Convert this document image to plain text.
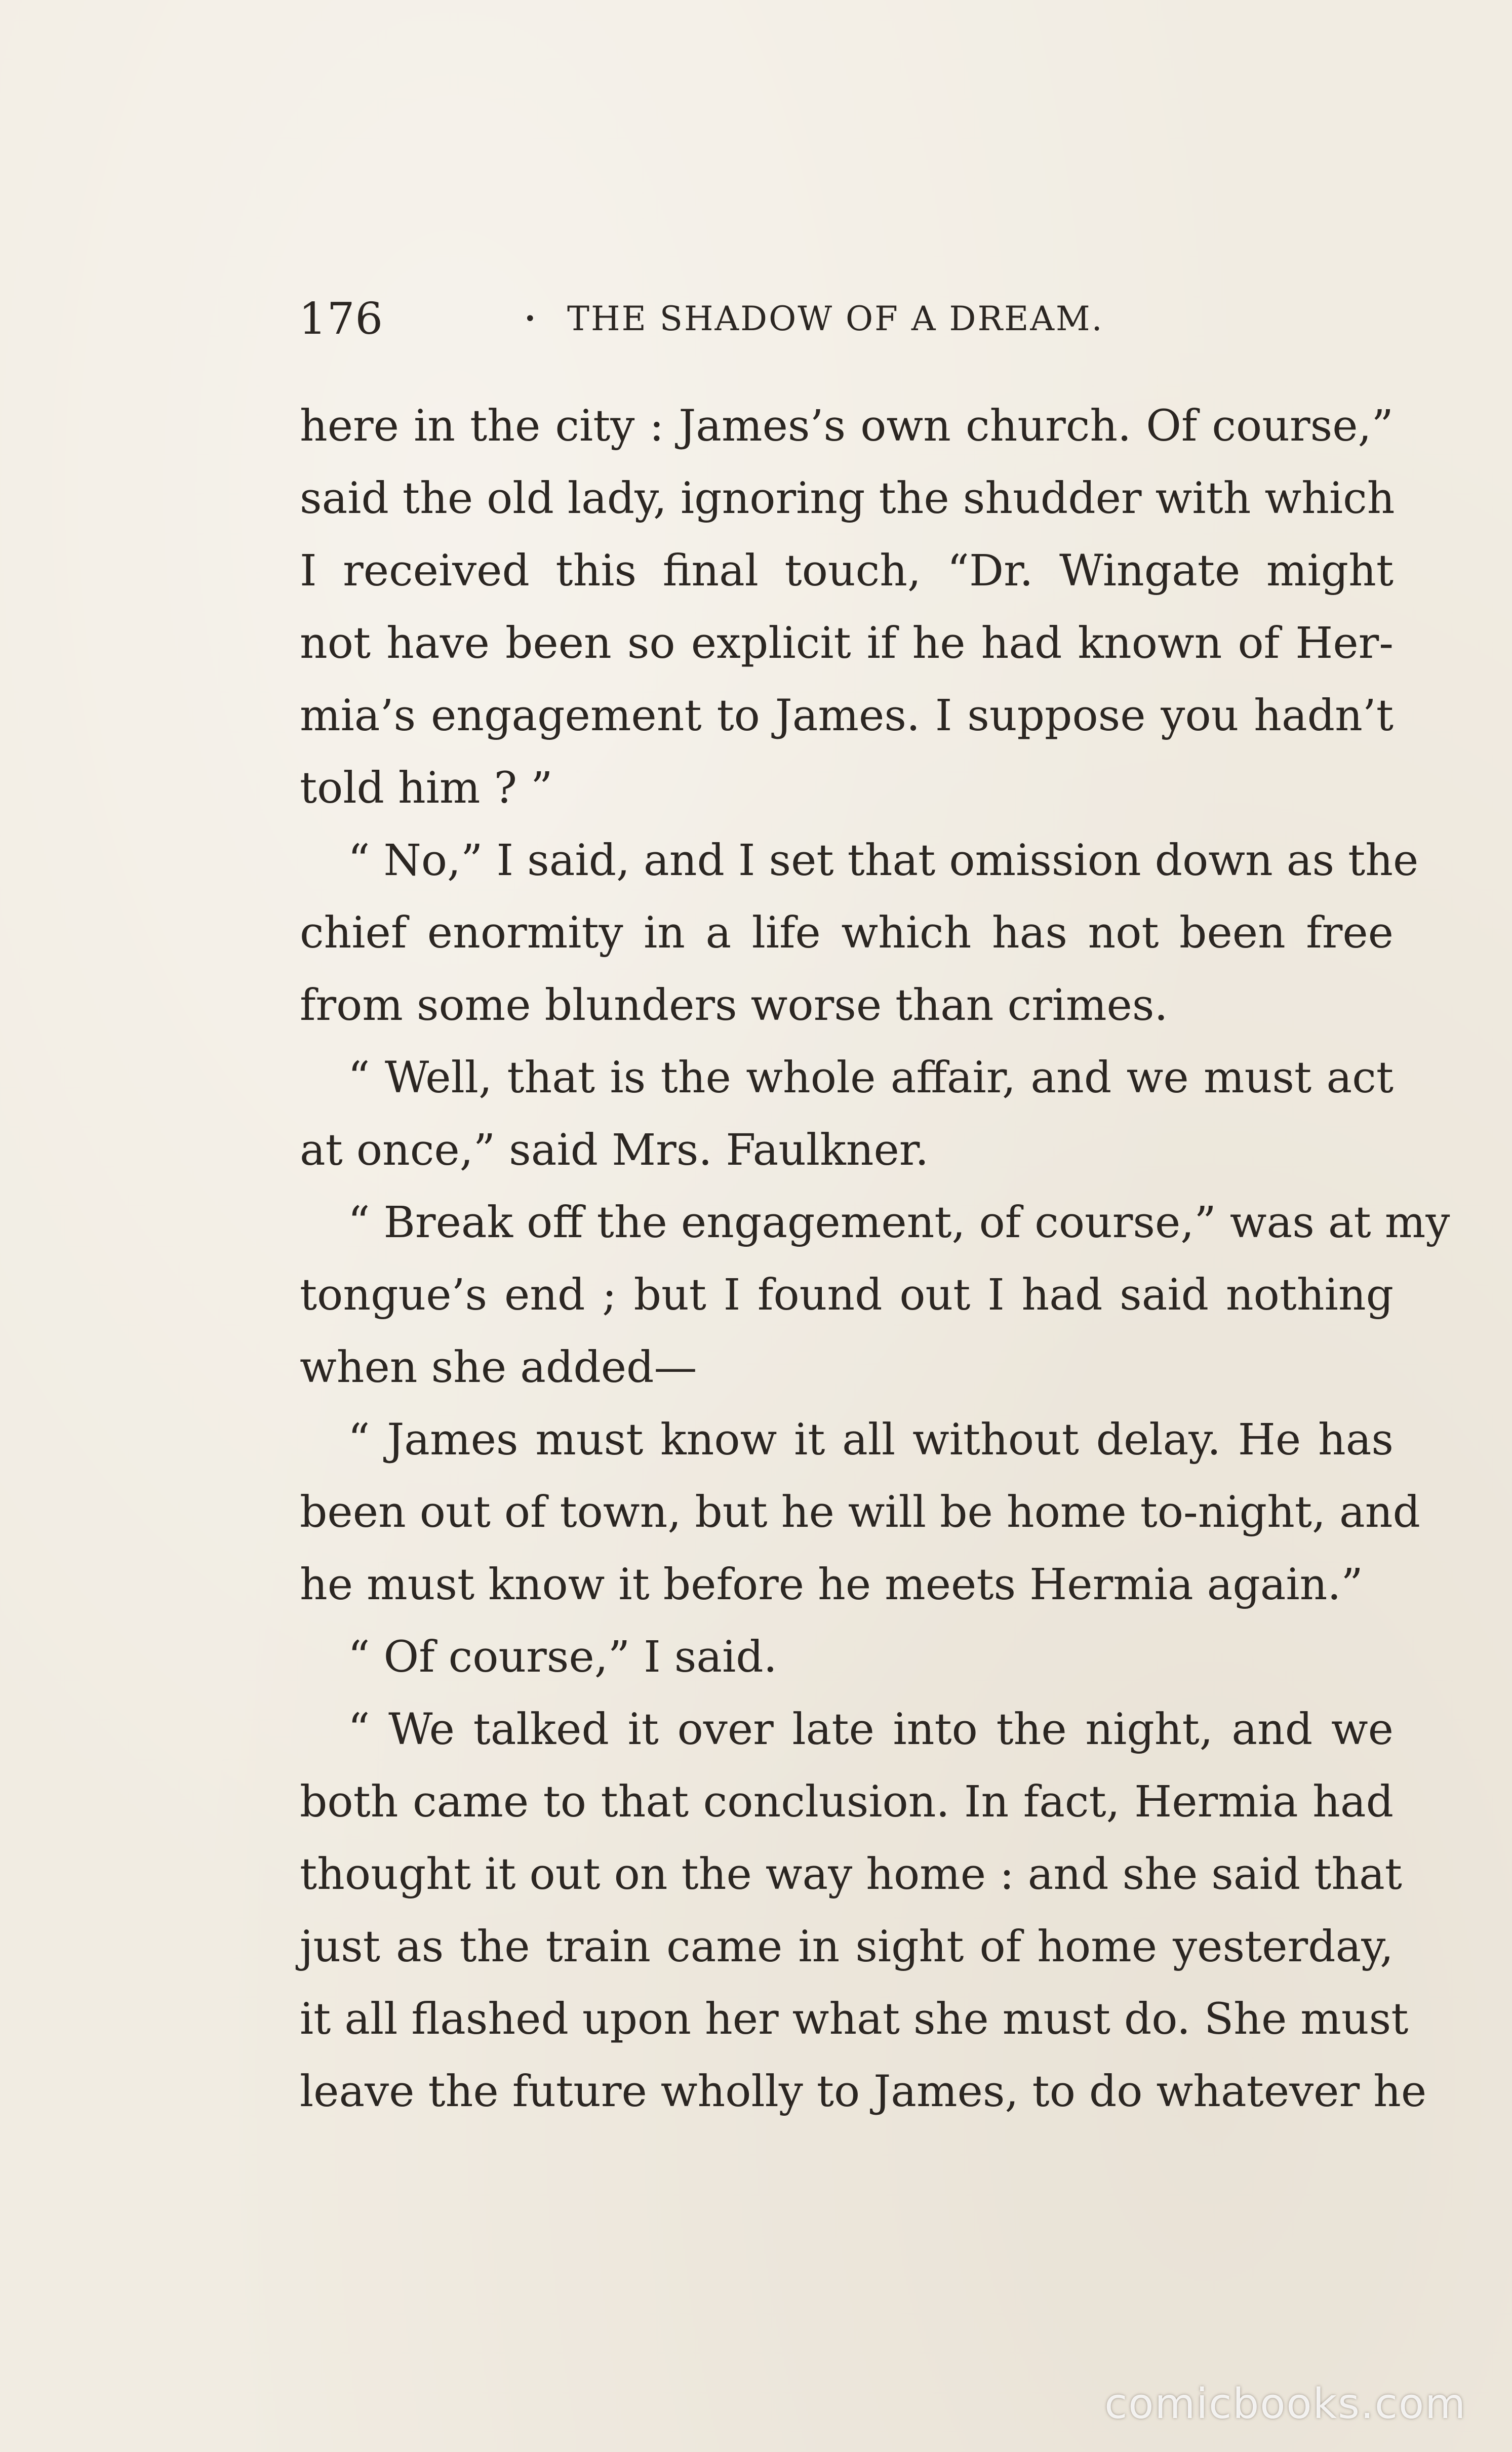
176	• THE SHADOW OF A DREAM.
here in the city : James’s own church. Of course,”
said the old lady, ignoring the shudder with which
I received this final touch, “Dr. Wingate might
not have been so explicit if he had known of Her-
mia’s engagement to James. I suppose you hadn’t
told him ? ”
“ No,” I said, and I set that omission down as the
chief enormity in a life which has not been free
from some blunders worse than crimes.
“ Well, that is the whole affair, and we must act
at once,” said Mrs. Faulkner.
“ Break off the engagement, of course,” was at my
tongue’s end ; but I found out I had said nothing
when she added—
“ James must know it all without delay. He has
been out of town, but he will be home to-night, and
he must know it before he meets Hermia again.”
“ Of course,” I said.
“ We talked it over late into the night, and we
both came to that conclusion. In fact, Hermia had
thought it out on the way home : and she said that
just as the train came in sight of home yesterday,
it all flashed upon her what she must do. She must
leave the future wholly to James, to do whatever he
comicbooks.com
